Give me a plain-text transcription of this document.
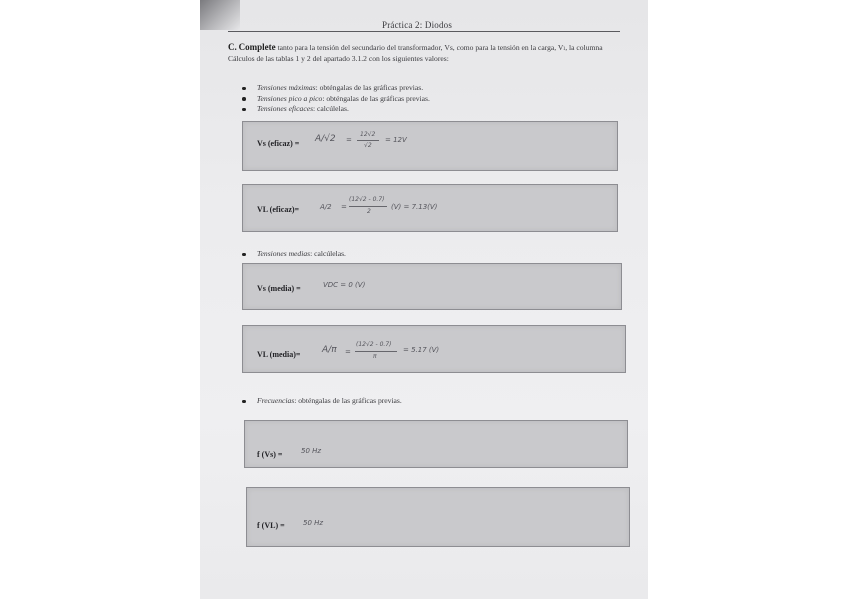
Práctica 2: Diodos
C. Complete tanto para la tensión del secundario del transformador, Vs, como para la tensión en la carga, Vₗ, la columna Cálculos de las tablas 1 y 2 del apartado 3.1.2 con los siguientes valores:
Tensiones máximas: obténgalas de las gráficas previas.
Tensiones pico a pico: obténgalas de las gráficas previas.
Tensiones eficaces: calcúlelas.
Vs (eficaz) = A/√2 =
12√2
√2
= 12V
VL (eficaz)=	A/2 =
(12√2 - 0.7)
2
(V) = 7.13(V)
Tensiones medias: calcúlelas.
Vs (media) =	VDC = 0 (V)
VL (media)= A/π =
(12√2 - 0.7)
π
= 5.17 (V)
Frecuencias: obténgalas de las gráficas previas.
f (Vs) =	50 Hz
f (VL) =	50 Hz
